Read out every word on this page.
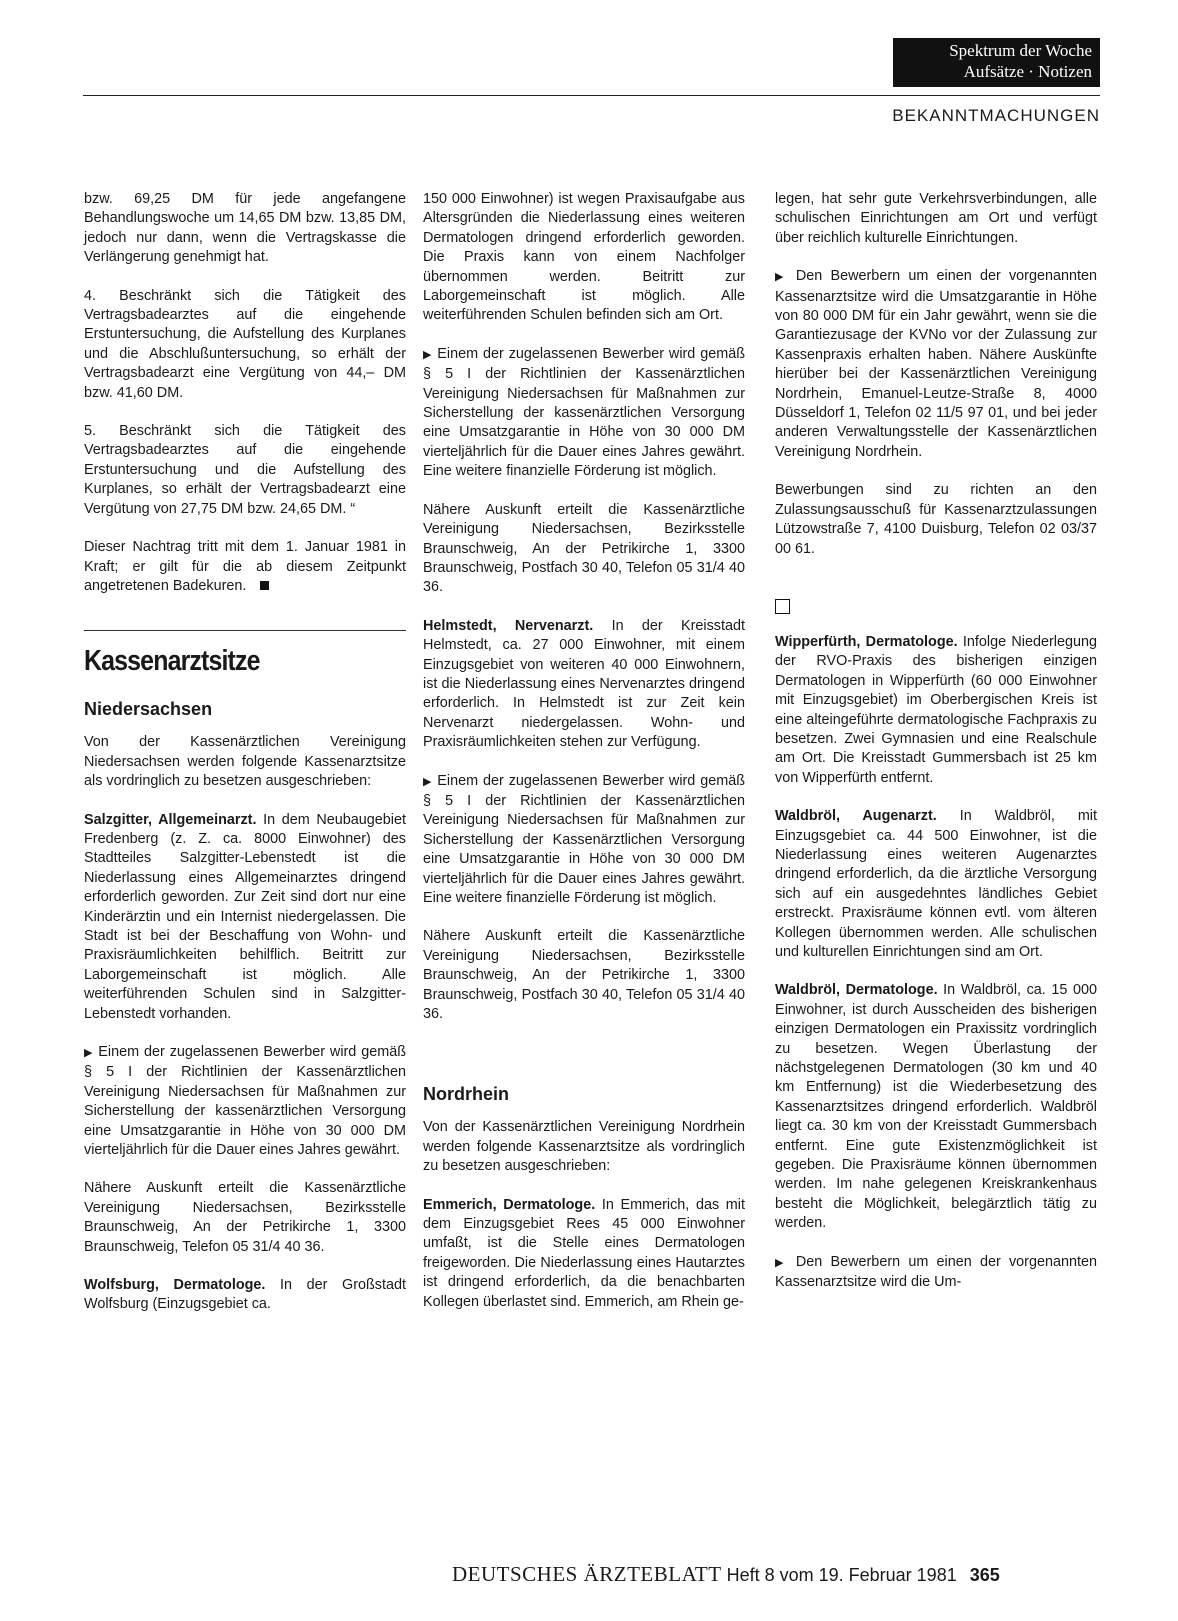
Spektrum der Woche
Aufsätze · Notizen
BEKANNTMACHUNGEN

bzw. 69,25 DM für jede angefangene Behandlungswoche um 14,65 DM bzw. 13,85 DM, jedoch nur dann, wenn die Vertragskasse die Verlängerung genehmigt hat.

4. Beschränkt sich die Tätigkeit des Vertragsbadearztes auf die eingehende Erstuntersuchung, die Aufstellung des Kurplanes und die Abschlußuntersuchung, so erhält der Vertragsbadearzt eine Vergütung von 44,– DM bzw. 41,60 DM.

5. Beschränkt sich die Tätigkeit des Vertragsbadearztes auf die eingehende Erstuntersuchung und die Aufstellung des Kurplanes, so erhält der Vertragsbadearzt eine Vergütung von 27,75 DM bzw. 24,65 DM. “

Dieser Nachtrag tritt mit dem 1. Januar 1981 in Kraft; er gilt für die ab diesem Zeitpunkt angetretenen Badekuren.

Kassenarztsitze

Niedersachsen

Von der Kassenärztlichen Vereinigung Niedersachsen werden folgende Kassenarztsitze als vordringlich zu besetzen ausgeschrieben:

Salzgitter, Allgemeinarzt. In dem Neubaugebiet Fredenberg (z. Z. ca. 8000 Einwohner) des Stadtteiles Salzgitter-Lebenstedt ist die Niederlassung eines Allgemeinarztes dringend erforderlich geworden. Zur Zeit sind dort nur eine Kinderärztin und ein Internist niedergelassen. Die Stadt ist bei der Beschaffung von Wohn- und Praxisräumlichkeiten behilflich. Beitritt zur Laborgemeinschaft ist möglich. Alle weiterführenden Schulen sind in Salzgitter-Lebenstedt vorhanden.

▶ Einem der zugelassenen Bewerber wird gemäß § 5 I der Richtlinien der Kassenärztlichen Vereinigung Niedersachsen für Maßnahmen zur Sicherstellung der kassenärztlichen Versorgung eine Umsatzgarantie in Höhe von 30 000 DM vierteljährlich für die Dauer eines Jahres gewährt.

Nähere Auskunft erteilt die Kassenärztliche Vereinigung Niedersachsen, Bezirksstelle Braunschweig, An der Petrikirche 1, 3300 Braunschweig, Telefon 05 31/4 40 36.

Wolfsburg, Dermatologe. In der Großstadt Wolfsburg (Einzugsgebiet ca.

150 000 Einwohner) ist wegen Praxisaufgabe aus Altersgründen die Niederlassung eines weiteren Dermatologen dringend erforderlich geworden. Die Praxis kann von einem Nachfolger übernommen werden. Beitritt zur Laborgemeinschaft ist möglich. Alle weiterführenden Schulen befinden sich am Ort.

▶ Einem der zugelassenen Bewerber wird gemäß § 5 I der Richtlinien der Kassenärztlichen Vereinigung Niedersachsen für Maßnahmen zur Sicherstellung der kassenärztlichen Versorgung eine Umsatzgarantie in Höhe von 30 000 DM vierteljährlich für die Dauer eines Jahres gewährt. Eine weitere finanzielle Förderung ist möglich.

Nähere Auskunft erteilt die Kassenärztliche Vereinigung Niedersachsen, Bezirksstelle Braunschweig, An der Petrikirche 1, 3300 Braunschweig, Postfach 30 40, Telefon 05 31/4 40 36.

Helmstedt, Nervenarzt. In der Kreisstadt Helmstedt, ca. 27 000 Einwohner, mit einem Einzugsgebiet von weiteren 40 000 Einwohnern, ist die Niederlassung eines Nervenarztes dringend erforderlich. In Helmstedt ist zur Zeit kein Nervenarzt niedergelassen. Wohn- und Praxisräumlichkeiten stehen zur Verfügung.

▶ Einem der zugelassenen Bewerber wird gemäß § 5 I der Richtlinien der Kassenärztlichen Vereinigung Niedersachsen für Maßnahmen zur Sicherstellung der Kassenärztlichen Versorgung eine Umsatzgarantie in Höhe von 30 000 DM vierteljährlich für die Dauer eines Jahres gewährt. Eine weitere finanzielle Förderung ist möglich.

Nähere Auskunft erteilt die Kassenärztliche Vereinigung Niedersachsen, Bezirksstelle Braunschweig, An der Petrikirche 1, 3300 Braunschweig, Postfach 30 40, Telefon 05 31/4 40 36.

Nordrhein

Von der Kassenärztlichen Vereinigung Nordrhein werden folgende Kassenarztsitze als vordringlich zu besetzen ausgeschrieben:

Emmerich, Dermatologe. In Emmerich, das mit dem Einzugsgebiet Rees 45 000 Einwohner umfaßt, ist die Stelle eines Dermatologen freigeworden. Die Niederlassung eines Hautarztes ist dringend erforderlich, da die benachbarten Kollegen überlastet sind. Emmerich, am Rhein ge-

legen, hat sehr gute Verkehrsverbindungen, alle schulischen Einrichtungen am Ort und verfügt über reichlich kulturelle Einrichtungen.

▶ Den Bewerbern um einen der vorgenannten Kassenarztsitze wird die Umsatzgarantie in Höhe von 80 000 DM für ein Jahr gewährt, wenn sie die Garantiezusage der KVNo vor der Zulassung zur Kassenpraxis erhalten haben. Nähere Auskünfte hierüber bei der Kassenärztlichen Vereinigung Nordrhein, Emanuel-Leutze-Straße 8, 4000 Düsseldorf 1, Telefon 02 11/5 97 01, und bei jeder anderen Verwaltungsstelle der Kassenärztlichen Vereinigung Nordrhein.

Bewerbungen sind zu richten an den Zulassungsausschuß für Kassenarztzulassungen Lützowstraße 7, 4100 Duisburg, Telefon 02 03/37 00 61.

Wipperfürth, Dermatologe. Infolge Niederlegung der RVO-Praxis des bisherigen einzigen Dermatologen in Wipperfürth (60 000 Einwohner mit Einzugsgebiet) im Oberbergischen Kreis ist eine alteingeführte dermatologische Fachpraxis zu besetzen. Zwei Gymnasien und eine Realschule am Ort. Die Kreisstadt Gummersbach ist 25 km von Wipperfürth entfernt.

Waldbröl, Augenarzt. In Waldbröl, mit Einzugsgebiet ca. 44 500 Einwohner, ist die Niederlassung eines weiteren Augenarztes dringend erforderlich, da die ärztliche Versorgung sich auf ein ausgedehntes ländliches Gebiet erstreckt. Praxisräume können evtl. vom älteren Kollegen übernommen werden. Alle schulischen und kulturellen Einrichtungen sind am Ort.

Waldbröl, Dermatologe. In Waldbröl, ca. 15 000 Einwohner, ist durch Ausscheiden des bisherigen einzigen Dermatologen ein Praxissitz vordringlich zu besetzen. Wegen Überlastung der nächstgelegenen Dermatologen (30 km und 40 km Entfernung) ist die Wiederbesetzung des Kassenarztsitzes dringend erforderlich. Waldbröl liegt ca. 30 km von der Kreisstadt Gummersbach entfernt. Eine gute Existenzmöglichkeit ist gegeben. Die Praxisräume können übernommen werden. Im nahe gelegenen Kreiskrankenhaus besteht die Möglichkeit, belegärztlich tätig zu werden.

▶ Den Bewerbern um einen der vorgenannten Kassenarztsitze wird die Um-

DEUTSCHES ÄRZTEBLATT Heft 8 vom 19. Februar 1981 365
